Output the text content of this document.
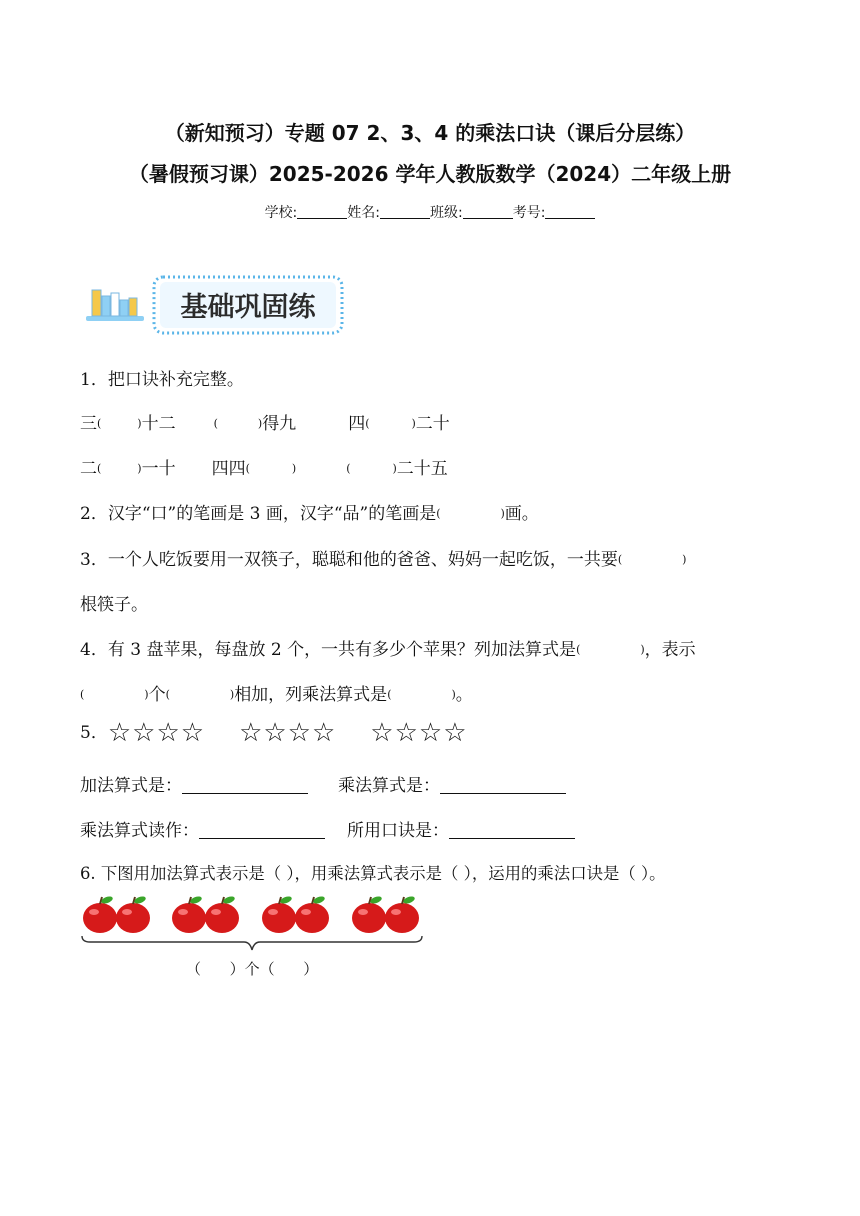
（新知预习）专题 07 2、3、4 的乘法口诀（课后分层练）
（暑假预习课）2025-2026 学年人教版数学（2024）二年级上册
学校:	姓名:	班级:	考号:
基础巩固练
1．把口诀补充完整。
三(	)十二	(	)得九	四(	)二十
二(	)一十 四四(	)	(	)二十五
2．汉字“口”的笔画是 3 画，汉字“品”的笔画是(	)画。
3．一个人吃饭要用一双筷子，聪聪和他的爸爸、妈妈一起吃饭，一共要(	)
根筷子。
4．有 3 盘苹果，每盘放 2 个，一共有多少个苹果？列加法算式是(	)，表示
(	)个(	)相加，列乘法算式是(	)。
5．☆☆☆☆ ☆☆☆☆ ☆☆☆☆
加法算式是：	乘法算式是：
乘法算式读作：	所用口诀是：
6. 下图用加法算式表示是（ ），用乘法算式表示是（ ），运用的乘法口诀是（ ）。
（      ）个（      ）
